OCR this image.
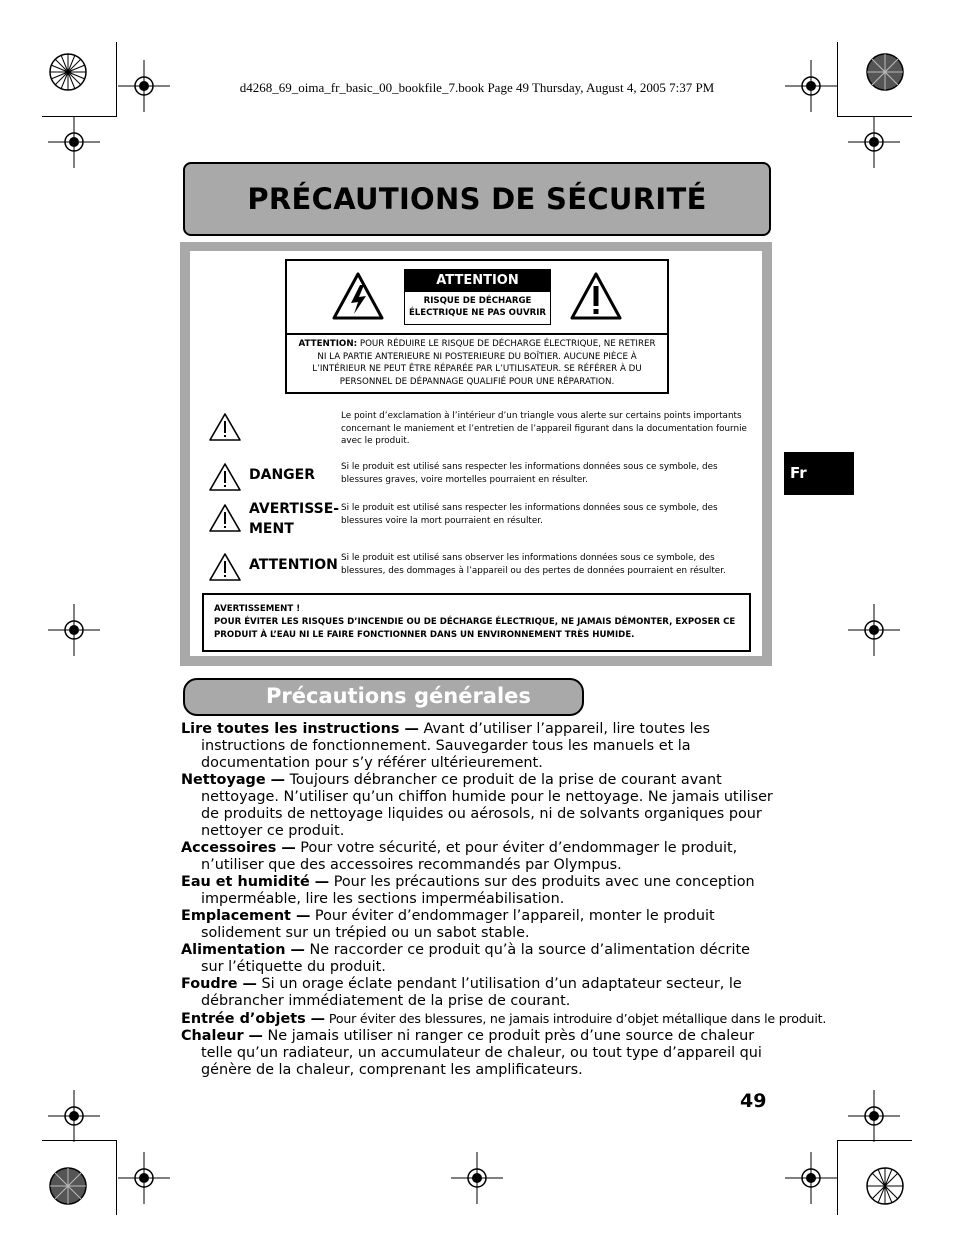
d4268_69_oima_fr_basic_00_bookfile_7.book Page 49 Thursday, August 4, 2005 7:37 PM
PRÉCAUTIONS DE SÉCURITÉ
ATTENTION
RISQUE DE DÉCHARGE
ÉLECTRIQUE NE PAS OUVRIR
ATTENTION: POUR RÉDUIRE LE RISQUE DE DÉCHARGE ÉLECTRIQUE, NE RETIRER NI LA PARTIE ANTERIEURE NI POSTERIEURE DU BOÎTIER. AUCUNE PIÈCE À L’INTÉRIEUR NE PEUT ÊTRE RÉPARÉE PAR L’UTILISATEUR. SE RÉFÉRER À DU PERSONNEL DE DÉPANNAGE QUALIFIÉ POUR UNE RÉPARATION.
Le point d’exclamation à l’intérieur d’un triangle vous alerte sur certains points importants concernant le maniement et l’entretien de l’appareil figurant dans la documentation fournie avec le produit.
DANGER	Si le produit est utilisé sans respecter les informations données sous ce symbole, des blessures graves, voire mortelles pourraient en résulter.
AVERTISSE-
MENT
Si le produit est utilisé sans respecter les informations données sous ce symbole, des blessures voire la mort pourraient en résulter.
ATTENTION Si le produit est utilisé sans observer les informations données sous ce symbole, des blessures, des dommages à l’appareil ou des pertes de données pourraient en résulter.
AVERTISSEMENT !
POUR ÉVITER LES RISQUES D’INCENDIE OU DE DÉCHARGE ÉLECTRIQUE, NE JAMAIS DÉMONTER, EXPOSER CE PRODUIT À L’EAU NI LE FAIRE FONCTIONNER DANS UN ENVIRONNEMENT TRÈS HUMIDE.
Fr
Précautions générales

Lire toutes les instructions — Avant d’utiliser l’appareil, lire toutes les instructions de fonctionnement. Sauvegarder tous les manuels et la documentation pour s’y référer ultérieurement.

Nettoyage — Toujours débrancher ce produit de la prise de courant avant nettoyage. N’utiliser qu’un chiffon humide pour le nettoyage. Ne jamais utiliser de produits de nettoyage liquides ou aérosols, ni de solvants organiques pour nettoyer ce produit.

Accessoires — Pour votre sécurité, et pour éviter d’endommager le produit, n’utiliser que des accessoires recommandés par Olympus.

Eau et humidité — Pour les précautions sur des produits avec une conception imperméable, lire les sections imperméabilisation.

Emplacement — Pour éviter d’endommager l’appareil, monter le produit solidement sur un trépied ou un sabot stable.

Alimentation — Ne raccorder ce produit qu’à la source d’alimentation décrite sur l’étiquette du produit.

Foudre — Si un orage éclate pendant l’utilisation d’un adaptateur secteur, le débrancher immédiatement de la prise de courant.

Entrée d’objets — Pour éviter des blessures, ne jamais introduire d’objet métallique dans le produit.

Chaleur — Ne jamais utiliser ni ranger ce produit près d’une source de chaleur telle qu’un radiateur, un accumulateur de chaleur, ou tout type d’appareil qui génère de la chaleur, comprenant les amplificateurs.

49
